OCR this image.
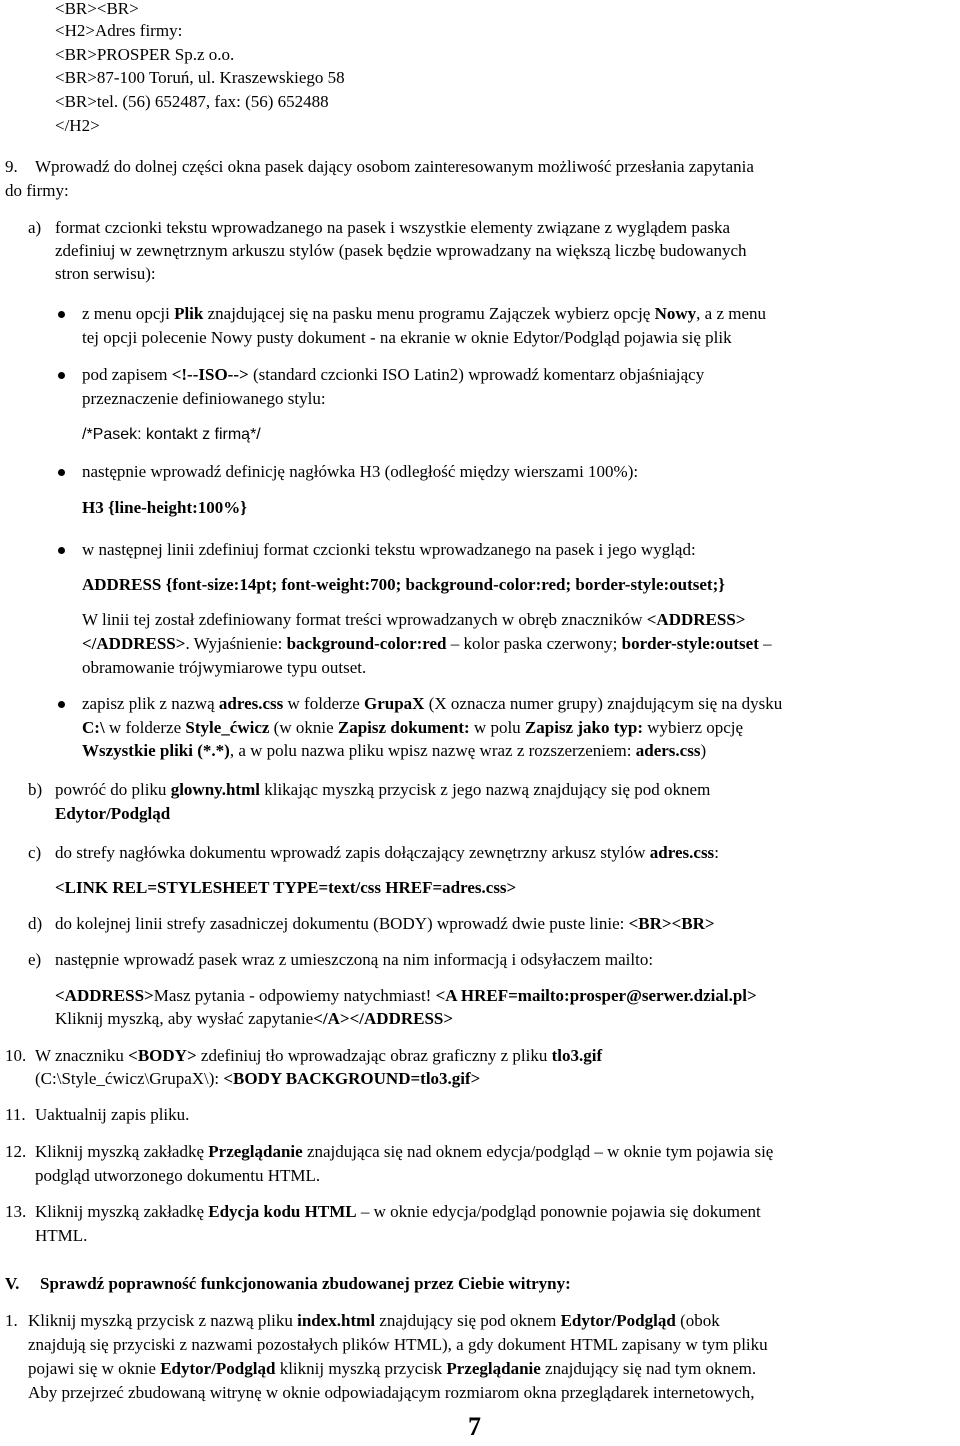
<BR><BR>
<H2>Adres firmy:
<BR>PROSPER Sp.z o.o.
<BR>87-100 Toruń, ul. Kraszewskiego 58
<BR>tel. (56) 652487, fax: (56) 652488
</H2>
9. Wprowadź do dolnej części okna pasek dający osobom zainteresowanym możliwość przesłania zapytania
do firmy:
a) format czcionki tekstu wprowadzanego na pasek i wszystkie elementy związane z wyglądem paska
zdefiniuj w zewnętrznym arkuszu stylów (pasek będzie wprowadzany na większą liczbę budowanych
stron serwisu):
z menu opcji Plik znajdującej się na pasku menu programu Zajączek wybierz opcję Nowy, a z menu
tej opcji polecenie Nowy pusty dokument - na ekranie w oknie Edytor/Podgląd pojawia się plik
pod zapisem <!--ISO--> (standard czcionki ISO Latin2) wprowadź komentarz objaśniający
przeznaczenie definiowanego stylu:
/*Pasek: kontakt z firmą*/
następnie wprowadź definicję nagłówka H3 (odległość między wierszami 100%):
H3 {line-height:100%}
w następnej linii zdefiniuj format czcionki tekstu wprowadzanego na pasek i jego wygląd:
ADDRESS {font-size:14pt; font-weight:700; background-color:red; border-style:outset;}
W linii tej został zdefiniowany format treści wprowadzanych w obręb znaczników <ADDRESS>
</ADDRESS>. Wyjaśnienie: background-color:red – kolor paska czerwony; border-style:outset –
obramowanie trójwymiarowe typu outset.
zapisz plik z nazwą adres.css w folderze GrupaX (X oznacza numer grupy) znajdującym się na dysku
C:\ w folderze Style_ćwicz (w oknie Zapisz dokument: w polu Zapisz jako typ: wybierz opcję
Wszystkie pliki (*.*), a w polu nazwa pliku wpisz nazwę wraz z rozszerzeniem: aders.css)
b) powróć do pliku glowny.html klikając myszką przycisk z jego nazwą znajdujący się pod oknem
Edytor/Podgląd
c) do strefy nagłówka dokumentu wprowadź zapis dołączający zewnętrzny arkusz stylów adres.css:
<LINK REL=STYLESHEET TYPE=text/css HREF=adres.css>
d) do kolejnej linii strefy zasadniczej dokumentu (BODY) wprowadź dwie puste linie: <BR><BR>
e) następnie wprowadź pasek wraz z umieszczoną na nim informacją i odsyłaczem mailto:
<ADDRESS>Masz pytania - odpowiemy natychmiast! <A HREF=mailto:prosper@serwer.dzial.pl>
Kliknij myszką, aby wysłać zapytanie</A></ADDRESS>
10. W znaczniku <BODY> zdefiniuj tło wprowadzając obraz graficzny z pliku tlo3.gif
(C:\Style_ćwicz\GrupaX\): <BODY BACKGROUND=tlo3.gif>
11. Uaktualnij zapis pliku.
12. Kliknij myszką zakładkę Przeglądanie znajdująca się nad oknem edycja/podgląd – w oknie tym pojawia się
podgląd utworzonego dokumentu HTML.
13. Kliknij myszką zakładkę Edycja kodu HTML – w oknie edycja/podgląd ponownie pojawia się dokument
HTML.
V. Sprawdź poprawność funkcjonowania zbudowanej przez Ciebie witryny:
1. Kliknij myszką przycisk z nazwą pliku index.html znajdujący się pod oknem Edytor/Podgląd (obok
znajdują się przyciski z nazwami pozostałych plików HTML), a gdy dokument HTML zapisany w tym pliku
pojawi się w oknie Edytor/Podgląd kliknij myszką przycisk Przeglądanie znajdujący się nad tym oknem.
Aby przejrzeć zbudowaną witrynę w oknie odpowiadającym rozmiarom okna przeglądarek internetowych,
7
